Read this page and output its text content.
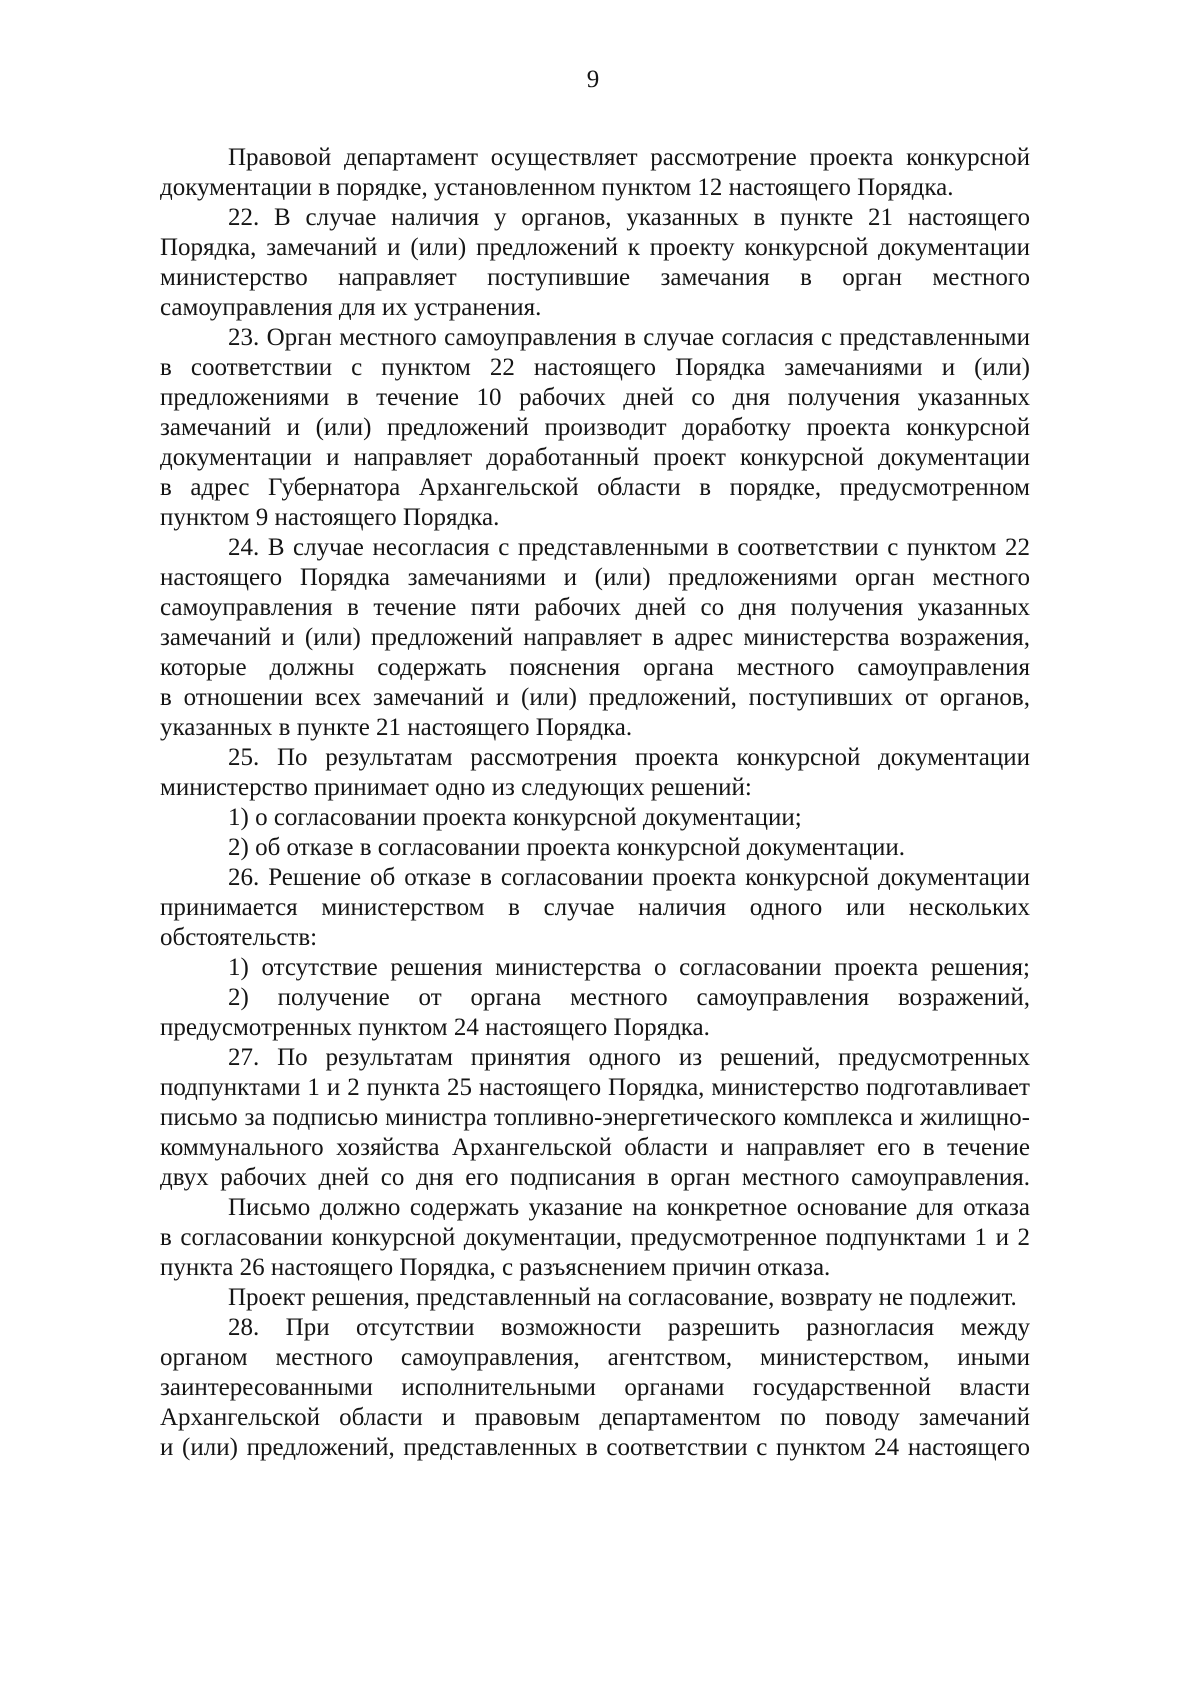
9
Правовой департамент осуществляет рассмотрение проекта конкурсной
документации в порядке, установленном пунктом 12 настоящего Порядка.
22. В случае наличия у органов, указанных в пункте 21 настоящего
Порядка, замечаний и (или) предложений к проекту конкурсной документации
министерство направляет поступившие замечания в орган местного
самоуправления для их устранения.
23. Орган местного самоуправления в случае согласия с представленными
в соответствии с пунктом 22 настоящего Порядка замечаниями и (или)
предложениями в течение 10 рабочих дней со дня получения указанных
замечаний и (или) предложений производит доработку проекта конкурсной
документации и направляет доработанный проект конкурсной документации
в адрес Губернатора Архангельской области в порядке, предусмотренном
пунктом 9 настоящего Порядка.
24. В случае несогласия с представленными в соответствии с пунктом 22
настоящего Порядка замечаниями и (или) предложениями орган местного
самоуправления в течение пяти рабочих дней со дня получения указанных
замечаний и (или) предложений направляет в адрес министерства возражения,
которые должны содержать пояснения органа местного самоуправления
в отношении всех замечаний и (или) предложений, поступивших от органов,
указанных в пункте 21 настоящего Порядка.
25. По результатам рассмотрения проекта конкурсной документации
министерство принимает одно из следующих решений:
1) о согласовании проекта конкурсной документации;
2) об отказе в согласовании проекта конкурсной документации.
26. Решение об отказе в согласовании проекта конкурсной документации
принимается министерством в случае наличия одного или нескольких
обстоятельств:
1) отсутствие решения министерства о согласовании проекта решения;
2) получение от органа местного самоуправления возражений,
предусмотренных пунктом 24 настоящего Порядка.
27. По результатам принятия одного из решений, предусмотренных
подпунктами 1 и 2 пункта 25 настоящего Порядка, министерство подготавливает
письмо за подписью министра топливно-энергетического комплекса и жилищно-
коммунального хозяйства Архангельской области и направляет его в течение
двух рабочих дней со дня его подписания в орган местного самоуправления.
Письмо должно содержать указание на конкретное основание для отказа
в согласовании конкурсной документации, предусмотренное подпунктами 1 и 2
пункта 26 настоящего Порядка, с разъяснением причин отказа.
Проект решения, представленный на согласование, возврату не подлежит.
28. При отсутствии возможности разрешить разногласия между
органом местного самоуправления, агентством, министерством, иными
заинтересованными исполнительными органами государственной власти
Архангельской области и правовым департаментом по поводу замечаний
и (или) предложений, представленных в соответствии с пунктом 24 настоящего
